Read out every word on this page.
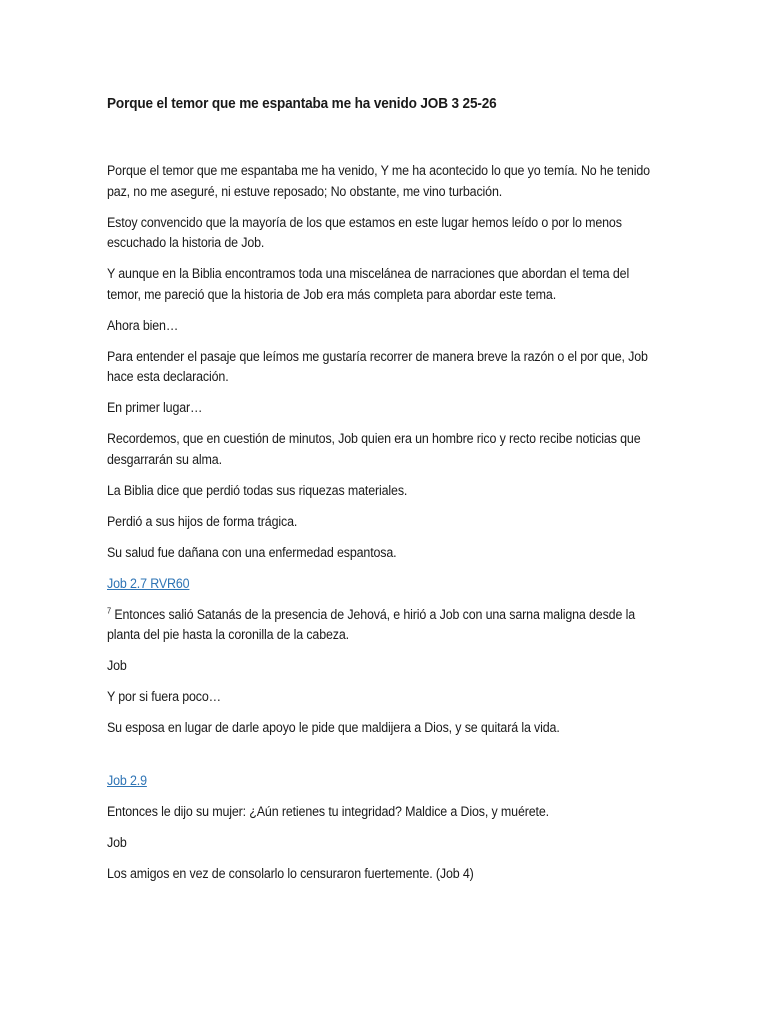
Porque el temor que me espantaba me ha venido JOB 3 25-26

Porque el temor que me espantaba me ha venido, Y me ha acontecido lo que yo temía. No he tenido paz, no me aseguré, ni estuve reposado; No obstante, me vino turbación.

Estoy convencido que la mayoría de los que estamos en este lugar hemos leído o por lo menos escuchado la historia de Job.

Y aunque en la Biblia encontramos toda una miscelánea de narraciones que abordan el tema del temor, me pareció que la historia de Job era más completa para abordar este tema.

Ahora bien…

Para entender el pasaje que leímos me gustaría recorrer de manera breve la razón o el por que, Job hace esta declaración.

En primer lugar…

Recordemos, que en cuestión de minutos, Job quien era un hombre rico y recto recibe noticias que desgarrarán su alma.

La Biblia dice que perdió todas sus riquezas materiales.

Perdió a sus hijos de forma trágica.

Su salud fue dañana con una enfermedad espantosa.

Job 2.7 RVR60

$^7$ Entonces salió Satanás de la presencia de Jehová, e hirió a Job con una sarna maligna desde la planta del pie hasta la coronilla de la cabeza.

Job

Y por si fuera poco…

Su esposa en lugar de darle apoyo le pide que maldijera a Dios, y se quitará la vida.

Job 2.9

Entonces le dijo su mujer: ¿Aún retienes tu integridad? Maldice a Dios, y muérete.

Job

Los amigos en vez de consolarlo lo censuraron fuertemente. (Job 4)
